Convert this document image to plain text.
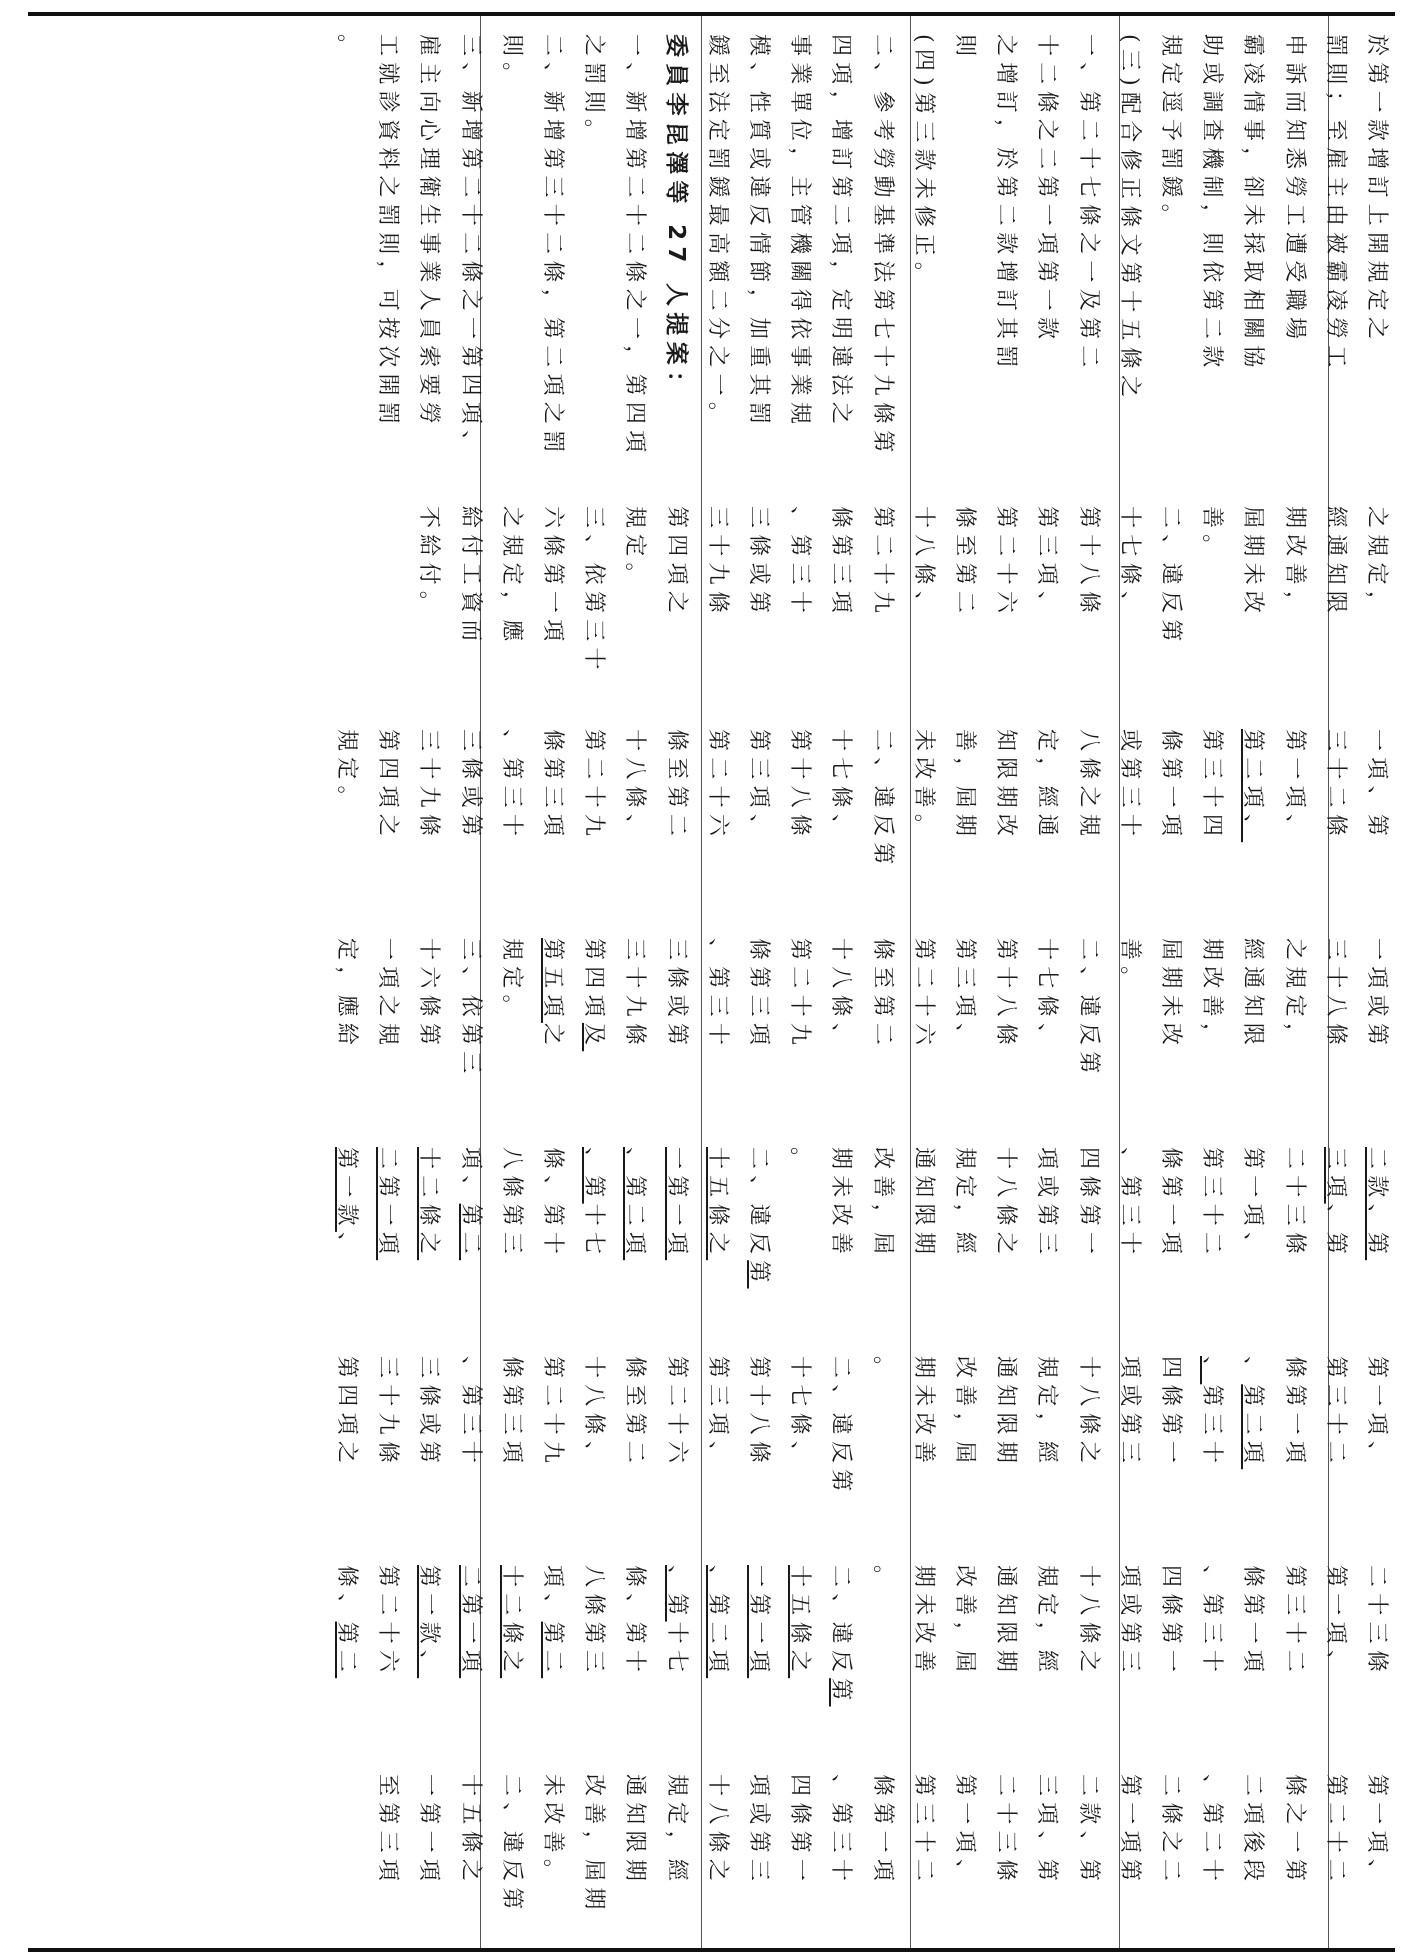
於第一款增訂上開規定之
罰則；至雇主由被霸凌勞工
申訴而知悉勞工遭受職場
霸凌情事，卻未採取相關協
助或調查機制，則依第二款
規定逕予罰鍰。
(三)配合修正條文第十五條之
一、第二十七條之一及第二
十二條之二第一項第一款
之增訂，於第二款增訂其罰
則
(四)第三款未修正。
二、參考勞動基準法第七十九條第
四項，增訂第二項，定明違法之
事業單位，主管機關得依事業規
模、性質或違反情節，加重其罰
鍰至法定罰鍰最高額二分之一。
委員李昆澤等 27 人提案：
一、新增第二十二條之一，第四項
之罰則。
二、新增第三十二條，第二項之罰
則。
三、新增第二十二條之一第四項、
雇主向心理衛生事業人員索要勞
工就診資料之罰則，可按次開罰
。
之規定，
經通知限
期改善，
屆期未改
善。
二、違反第
十七條、
第十八條
第三項、
第二十六
條至第二
十八條、
第二十九
條第三項
、第三十
三條或第
三十九條
第四項之
規定。
三、依第三十
六條第一項
之規定，應
給付工資而
不給付。
一項、第
三十二條
第一項、
第二項、
第三十四
條第一項
或第三十
八條之規
定，經通
知限期改
善，屆期
未改善。
二、違反第
十七條、
第十八條
第三項、
第二十六
條至第二
十八條、
第二十九
條第三項
、第三十
三條或第
三十九條
第四項之
規定。
一項或第
三十八條
之規定，
經通知限
期改善，
屆期未改
善。
二、違反第
十七條、
第十八條
第三項、
第二十六
條至第二
十八條、
第二十九
條第三項
、第三十
三條或第
三十九條
第四項及
第五項之
規定。
三、依第三
十六條第
一項之規
定，應給
二款、第
三項、第
二十三條
第一項、
第三十二
條第一項
、第三十
四條第一
項或第三
十八條之
規定，經
通知限期
改善，屆
期未改善
。
二、違反第
十五條之
一第一項
、第二項
、第十七
條、第十
八條第三
項、第二
十二條之
二第一項
第一款、
第一項、
第三十二
條第一項
、第二項
、第三十
四條第一
項或第三
十八條之
規定，經
通知限期
改善，屆
期未改善
。
二、違反第
十七條、
第十八條
第三項、
第二十六
條至第二
十八條、
第二十九
條第三項
、第三十
三條或第
三十九條
第四項之
二十三條
第一項、
第三十二
條第一項
、第三十
四條第一
項或第三
十八條之
規定，經
通知限期
改善，屆
期未改善
。
二、違反第
十五條之
一第一項
、第二項
、第十七
條、第十
八條第三
項、第二
十二條之
二第一項
第一款、
第二十六
條、第二
第一項、
第二十二
條之一第
二項後段
、第二十
二條之二
第一項第
二款、第
三項、第
二十三條
第一項、
第三十二
條第一項
、第三十
四條第一
項或第三
十八條之
規定，經
通知限期
改善，屆期
未改善。
二、違反第
十五條之
一第一項
至第三項
